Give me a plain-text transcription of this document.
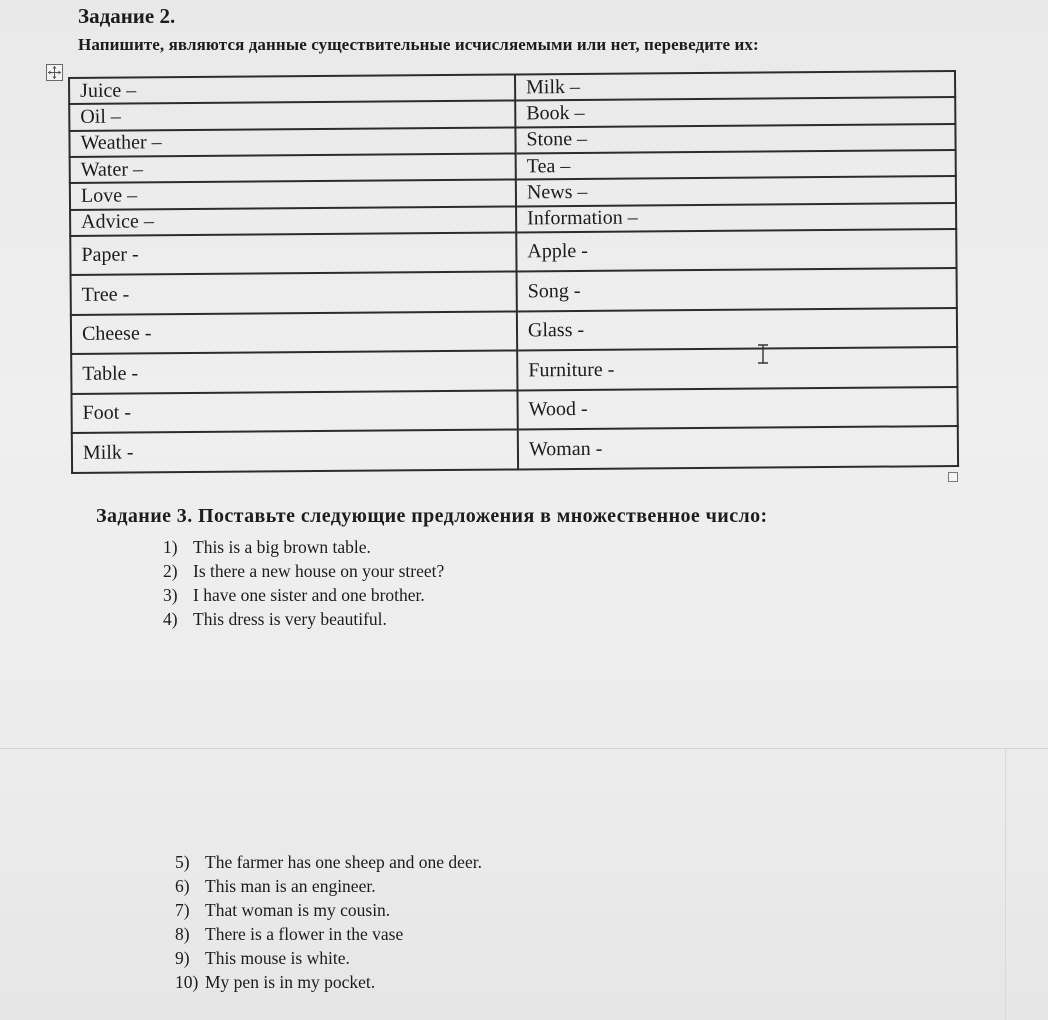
Задание 2.

Напишите, являются данные существительные исчисляемыми или нет, переведите их:

Juice –	Milk –
Oil –	Book –
Weather –	Stone –
Water –	Tea –
Love –	News –
Advice –	Information –
Paper -	Apple -
Tree -	Song -
Cheese -	Glass -
Table -	Furniture -
Foot -	Wood -
Milk -	Woman -
Задание 3. Поставьте следующие предложения в множественное число:
1) This is a big brown table.
2) Is there a new house on your street?
3) I have one sister and one brother.
4) This dress is very beautiful.
5) The farmer has one sheep and one deer.
6) This man is an engineer.
7) That woman is my cousin.
8) There is a flower in the vase
9) This mouse is white.
10) My pen is in my pocket.
